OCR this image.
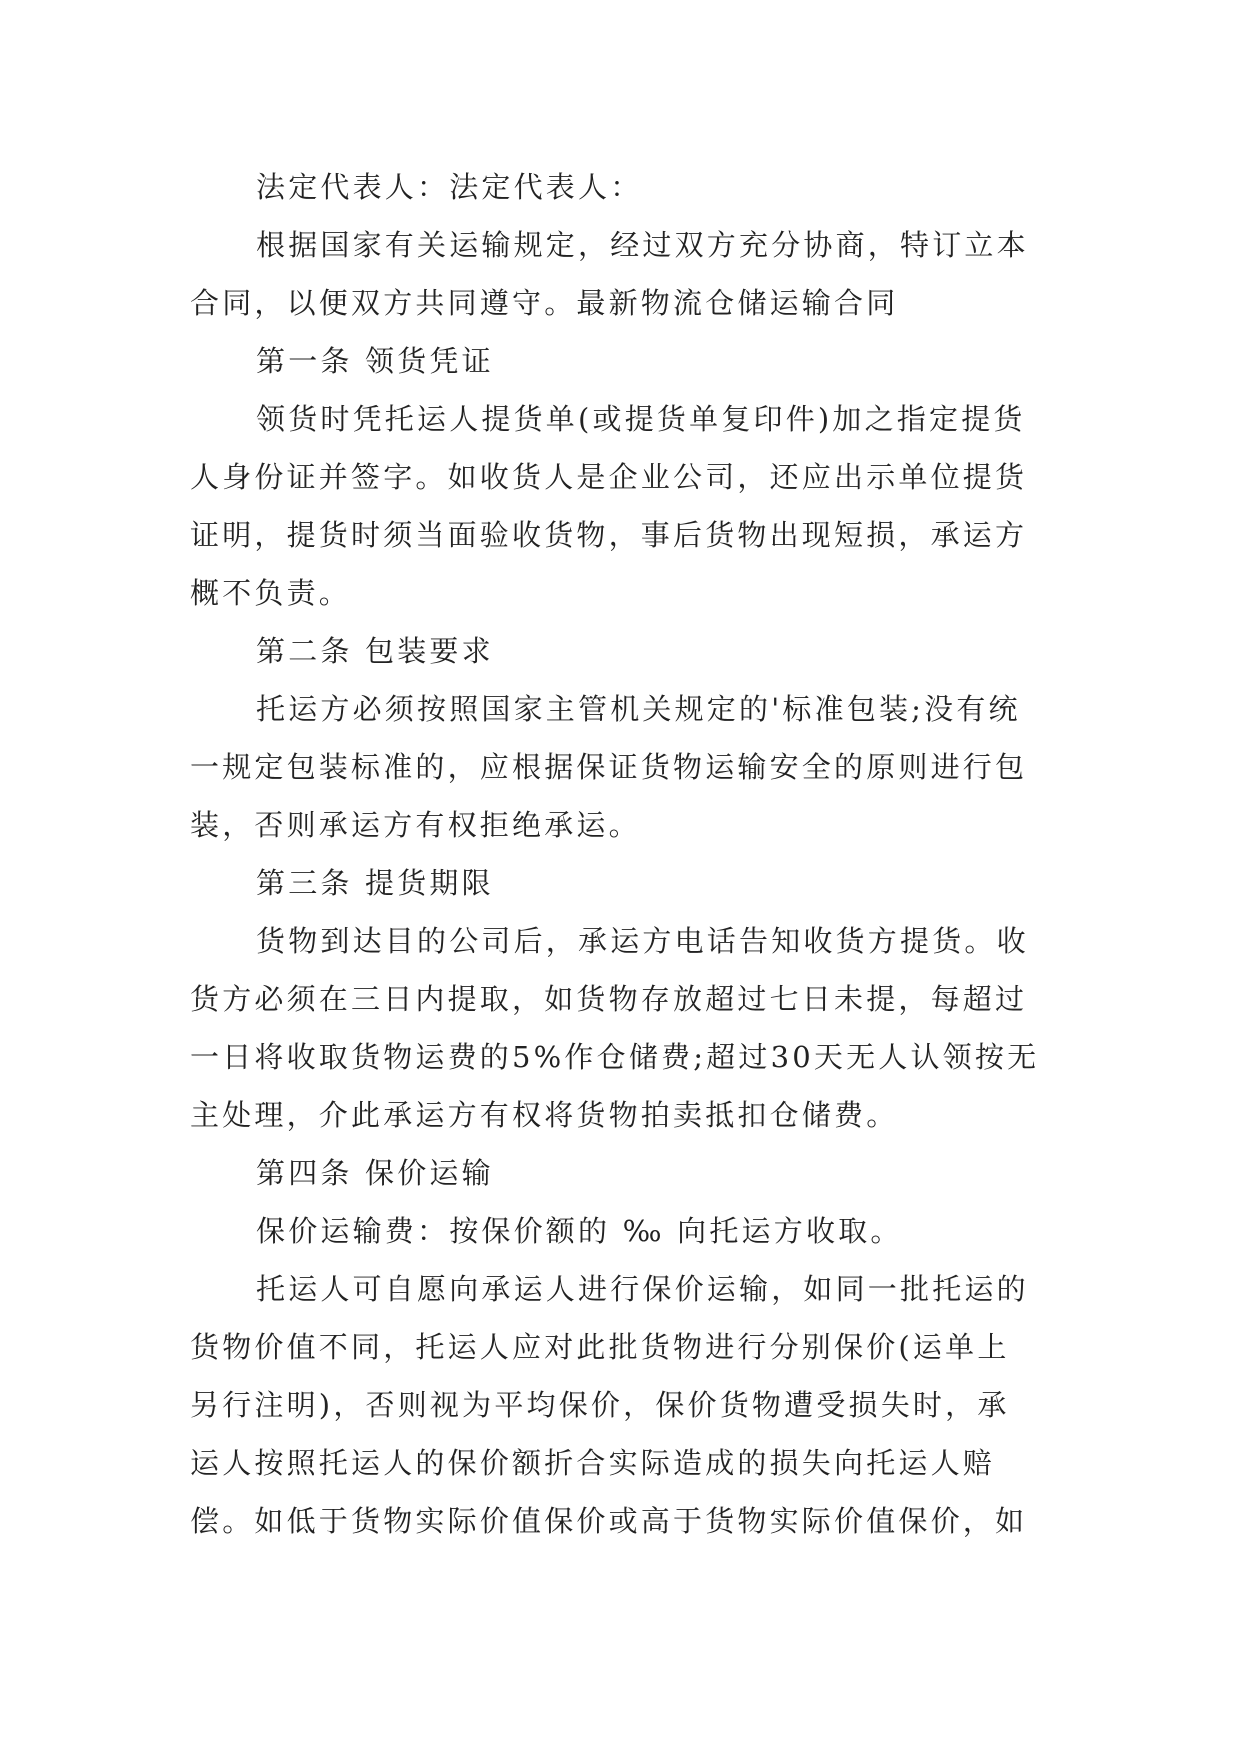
法定代表人：法定代表人：
根据国家有关运输规定，经过双方充分协商，特订立本
合同，以便双方共同遵守。最新物流仓储运输合同
第一条 领货凭证
领货时凭托运人提货单(或提货单复印件)加之指定提货
人身份证并签字。如收货人是企业公司，还应出示单位提货
证明，提货时须当面验收货物，事后货物出现短损，承运方
概不负责。
第二条 包装要求
托运方必须按照国家主管机关规定的'标准包装;没有统
一规定包装标准的，应根据保证货物运输安全的原则进行包
装，否则承运方有权拒绝承运。
第三条 提货期限
货物到达目的公司后，承运方电话告知收货方提货。收
货方必须在三日内提取，如货物存放超过七日未提，每超过
一日将收取货物运费的5%作仓储费;超过30天无人认领按无
主处理，介此承运方有权将货物拍卖抵扣仓储费。
第四条 保价运输
保价运输费：按保价额的 ‰ 向托运方收取。
托运人可自愿向承运人进行保价运输，如同一批托运的
货物价值不同，托运人应对此批货物进行分别保价(运单上
另行注明)，否则视为平均保价，保价货物遭受损失时，承
运人按照托运人的保价额折合实际造成的损失向托运人赔
偿。如低于货物实际价值保价或高于货物实际价值保价，如
